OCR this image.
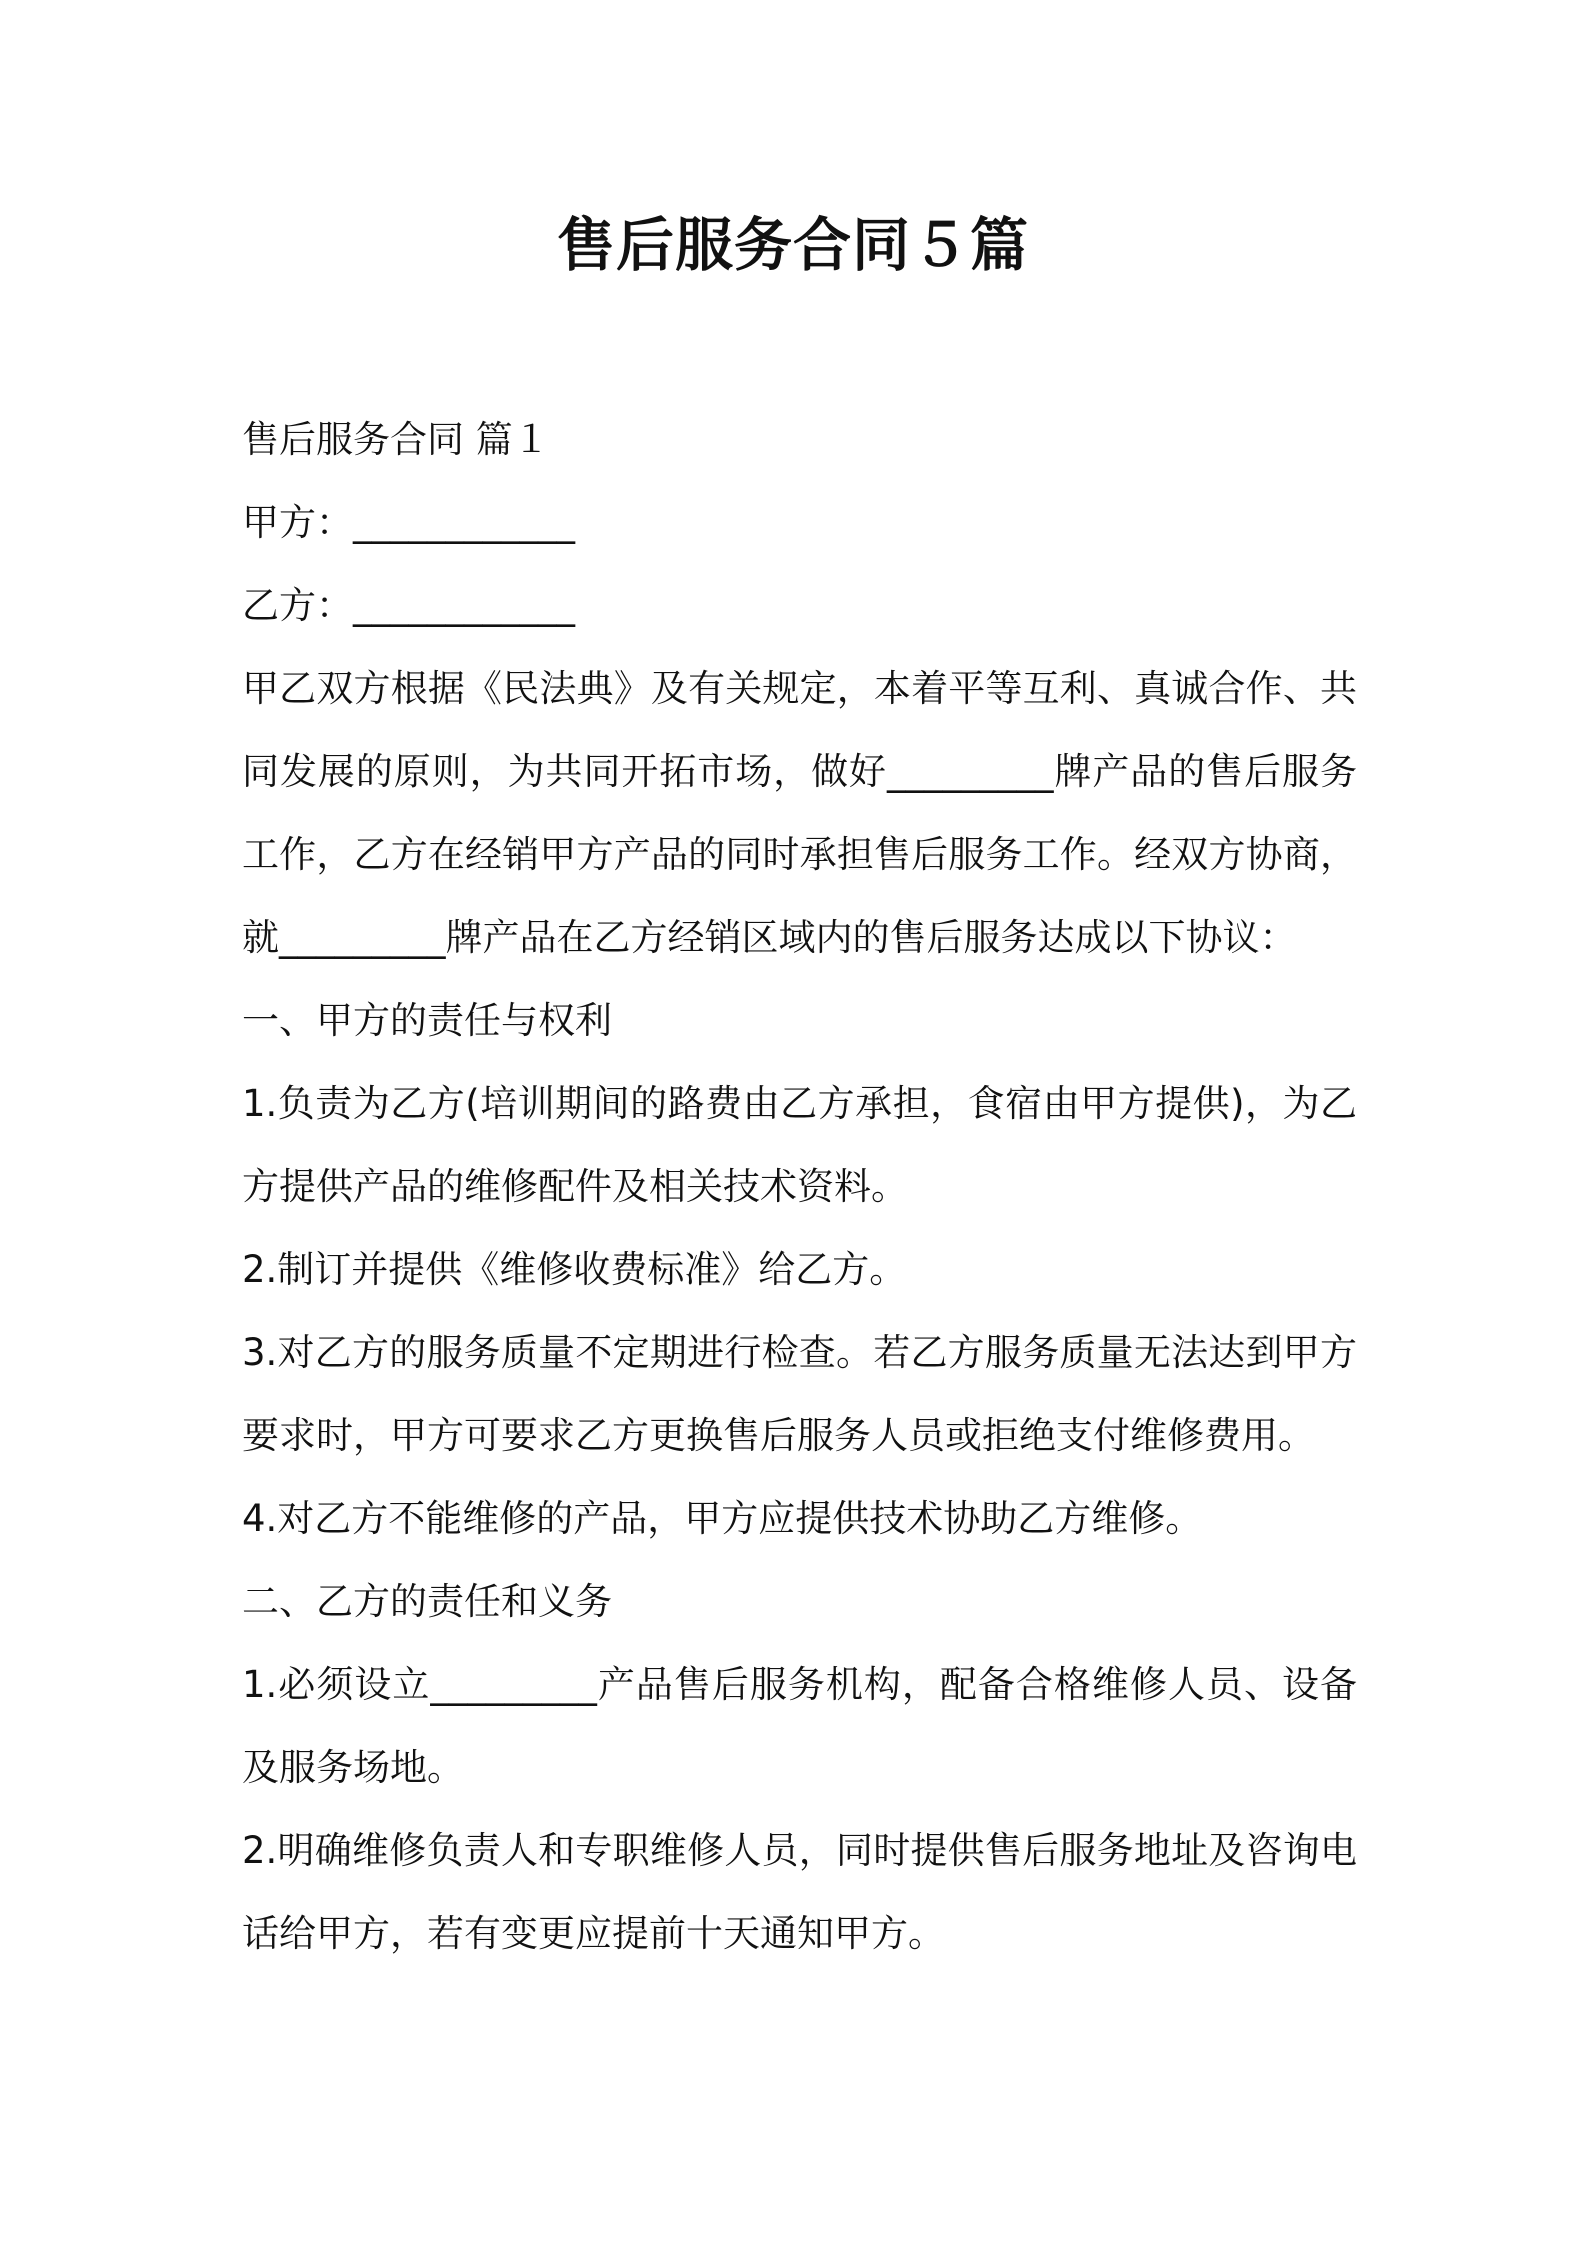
售后服务合同５篇
售后服务合同 篇１
甲方：____________
乙方：____________
甲乙双方根据《民法典》及有关规定，本着平等互利、真诚合作、共
同发展的原则，为共同开拓市场，做好_________牌产品的售后服务
工作，乙方在经销甲方产品的同时承担售后服务工作。经双方协商，
就_________牌产品在乙方经销区域内的售后服务达成以下协议：
一、甲方的责任与权利
1.负责为乙方(培训期间的路费由乙方承担，食宿由甲方提供)，为乙
方提供产品的维修配件及相关技术资料。
2.制订并提供《维修收费标准》给乙方。
3.对乙方的服务质量不定期进行检查。若乙方服务质量无法达到甲方
要求时，甲方可要求乙方更换售后服务人员或拒绝支付维修费用。
4.对乙方不能维修的产品，甲方应提供技术协助乙方维修。
二、乙方的责任和义务
1.必须设立_________产品售后服务机构，配备合格维修人员、设备
及服务场地。
2.明确维修负责人和专职维修人员，同时提供售后服务地址及咨询电
话给甲方，若有变更应提前十天通知甲方。
